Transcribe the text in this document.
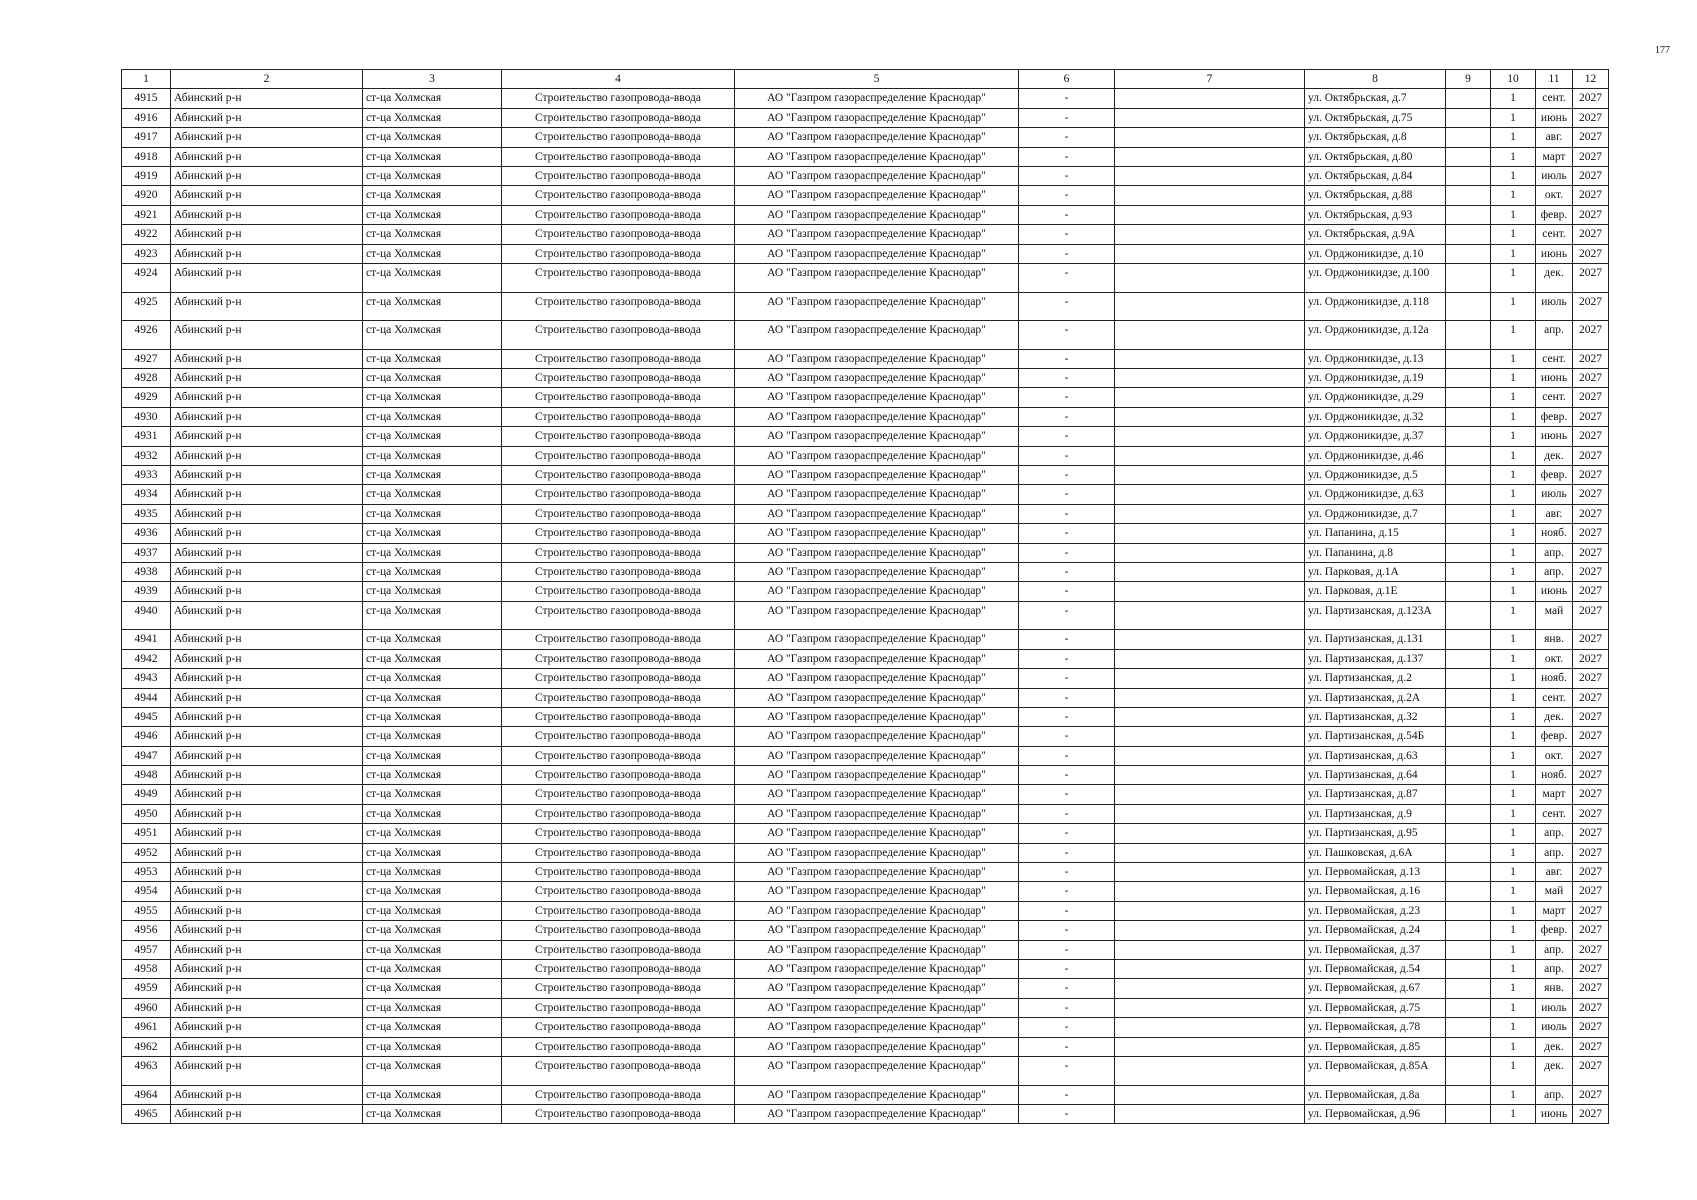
177
1	2	3	4	5	6	7	8	9	10	11	12
4915	Абинский р-н	ст-ца Холмская	Строительство газопровода-ввода	АО "Газпром газораспределение Краснодар"	-		ул. Октябрьская, д.7		1	сент.	2027
4916	Абинский р-н	ст-ца Холмская	Строительство газопровода-ввода	АО "Газпром газораспределение Краснодар"	-		ул. Октябрьская, д.75		1	июнь	2027
4917	Абинский р-н	ст-ца Холмская	Строительство газопровода-ввода	АО "Газпром газораспределение Краснодар"	-		ул. Октябрьская, д.8		1	авг.	2027
4918	Абинский р-н	ст-ца Холмская	Строительство газопровода-ввода	АО "Газпром газораспределение Краснодар"	-		ул. Октябрьская, д.80		1	март	2027
4919	Абинский р-н	ст-ца Холмская	Строительство газопровода-ввода	АО "Газпром газораспределение Краснодар"	-		ул. Октябрьская, д.84		1	июль	2027
4920	Абинский р-н	ст-ца Холмская	Строительство газопровода-ввода	АО "Газпром газораспределение Краснодар"	-		ул. Октябрьская, д.88		1	окт.	2027
4921	Абинский р-н	ст-ца Холмская	Строительство газопровода-ввода	АО "Газпром газораспределение Краснодар"	-		ул. Октябрьская, д.93		1	февр.	2027
4922	Абинский р-н	ст-ца Холмская	Строительство газопровода-ввода	АО "Газпром газораспределение Краснодар"	-		ул. Октябрьская, д.9А		1	сент.	2027
4923	Абинский р-н	ст-ца Холмская	Строительство газопровода-ввода	АО "Газпром газораспределение Краснодар"	-		ул. Орджоникидзе, д.10		1	июнь	2027
4924	Абинский р-н	ст-ца Холмская	Строительство газопровода-ввода	АО "Газпром газораспределение Краснодар"	-		ул. Орджоникидзе, д.100		1	дек.	2027
4925	Абинский р-н	ст-ца Холмская	Строительство газопровода-ввода	АО "Газпром газораспределение Краснодар"	-		ул. Орджоникидзе, д.118		1	июль	2027
4926	Абинский р-н	ст-ца Холмская	Строительство газопровода-ввода	АО "Газпром газораспределение Краснодар"	-		ул. Орджоникидзе, д.12а		1	апр.	2027
4927	Абинский р-н	ст-ца Холмская	Строительство газопровода-ввода	АО "Газпром газораспределение Краснодар"	-		ул. Орджоникидзе, д.13		1	сент.	2027
4928	Абинский р-н	ст-ца Холмская	Строительство газопровода-ввода	АО "Газпром газораспределение Краснодар"	-		ул. Орджоникидзе, д.19		1	июнь	2027
4929	Абинский р-н	ст-ца Холмская	Строительство газопровода-ввода	АО "Газпром газораспределение Краснодар"	-		ул. Орджоникидзе, д.29		1	сент.	2027
4930	Абинский р-н	ст-ца Холмская	Строительство газопровода-ввода	АО "Газпром газораспределение Краснодар"	-		ул. Орджоникидзе, д.32		1	февр.	2027
4931	Абинский р-н	ст-ца Холмская	Строительство газопровода-ввода	АО "Газпром газораспределение Краснодар"	-		ул. Орджоникидзе, д.37		1	июнь	2027
4932	Абинский р-н	ст-ца Холмская	Строительство газопровода-ввода	АО "Газпром газораспределение Краснодар"	-		ул. Орджоникидзе, д.46		1	дек.	2027
4933	Абинский р-н	ст-ца Холмская	Строительство газопровода-ввода	АО "Газпром газораспределение Краснодар"	-		ул. Орджоникидзе, д.5		1	февр.	2027
4934	Абинский р-н	ст-ца Холмская	Строительство газопровода-ввода	АО "Газпром газораспределение Краснодар"	-		ул. Орджоникидзе, д.63		1	июль	2027
4935	Абинский р-н	ст-ца Холмская	Строительство газопровода-ввода	АО "Газпром газораспределение Краснодар"	-		ул. Орджоникидзе, д.7		1	авг.	2027
4936	Абинский р-н	ст-ца Холмская	Строительство газопровода-ввода	АО "Газпром газораспределение Краснодар"	-		ул. Папанина, д.15		1	нояб.	2027
4937	Абинский р-н	ст-ца Холмская	Строительство газопровода-ввода	АО "Газпром газораспределение Краснодар"	-		ул. Папанина, д.8		1	апр.	2027
4938	Абинский р-н	ст-ца Холмская	Строительство газопровода-ввода	АО "Газпром газораспределение Краснодар"	-		ул. Парковая, д.1А		1	апр.	2027
4939	Абинский р-н	ст-ца Холмская	Строительство газопровода-ввода	АО "Газпром газораспределение Краснодар"	-		ул. Парковая, д.1Е		1	июнь	2027
4940	Абинский р-н	ст-ца Холмская	Строительство газопровода-ввода	АО "Газпром газораспределение Краснодар"	-		ул. Партизанская, д.123А		1	май	2027
4941	Абинский р-н	ст-ца Холмская	Строительство газопровода-ввода	АО "Газпром газораспределение Краснодар"	-		ул. Партизанская, д.131		1	янв.	2027
4942	Абинский р-н	ст-ца Холмская	Строительство газопровода-ввода	АО "Газпром газораспределение Краснодар"	-		ул. Партизанская, д.137		1	окт.	2027
4943	Абинский р-н	ст-ца Холмская	Строительство газопровода-ввода	АО "Газпром газораспределение Краснодар"	-		ул. Партизанская, д.2		1	нояб.	2027
4944	Абинский р-н	ст-ца Холмская	Строительство газопровода-ввода	АО "Газпром газораспределение Краснодар"	-		ул. Партизанская, д.2А		1	сент.	2027
4945	Абинский р-н	ст-ца Холмская	Строительство газопровода-ввода	АО "Газпром газораспределение Краснодар"	-		ул. Партизанская, д.32		1	дек.	2027
4946	Абинский р-н	ст-ца Холмская	Строительство газопровода-ввода	АО "Газпром газораспределение Краснодар"	-		ул. Партизанская, д.54Б		1	февр.	2027
4947	Абинский р-н	ст-ца Холмская	Строительство газопровода-ввода	АО "Газпром газораспределение Краснодар"	-		ул. Партизанская, д.63		1	окт.	2027
4948	Абинский р-н	ст-ца Холмская	Строительство газопровода-ввода	АО "Газпром газораспределение Краснодар"	-		ул. Партизанская, д.64		1	нояб.	2027
4949	Абинский р-н	ст-ца Холмская	Строительство газопровода-ввода	АО "Газпром газораспределение Краснодар"	-		ул. Партизанская, д.87		1	март	2027
4950	Абинский р-н	ст-ца Холмская	Строительство газопровода-ввода	АО "Газпром газораспределение Краснодар"	-		ул. Партизанская, д.9		1	сент.	2027
4951	Абинский р-н	ст-ца Холмская	Строительство газопровода-ввода	АО "Газпром газораспределение Краснодар"	-		ул. Партизанская, д.95		1	апр.	2027
4952	Абинский р-н	ст-ца Холмская	Строительство газопровода-ввода	АО "Газпром газораспределение Краснодар"	-		ул. Пашковская, д.6А		1	апр.	2027
4953	Абинский р-н	ст-ца Холмская	Строительство газопровода-ввода	АО "Газпром газораспределение Краснодар"	-		ул. Первомайская, д.13		1	авг.	2027
4954	Абинский р-н	ст-ца Холмская	Строительство газопровода-ввода	АО "Газпром газораспределение Краснодар"	-		ул. Первомайская, д.16		1	май	2027
4955	Абинский р-н	ст-ца Холмская	Строительство газопровода-ввода	АО "Газпром газораспределение Краснодар"	-		ул. Первомайская, д.23		1	март	2027
4956	Абинский р-н	ст-ца Холмская	Строительство газопровода-ввода	АО "Газпром газораспределение Краснодар"	-		ул. Первомайская, д.24		1	февр.	2027
4957	Абинский р-н	ст-ца Холмская	Строительство газопровода-ввода	АО "Газпром газораспределение Краснодар"	-		ул. Первомайская, д.37		1	апр.	2027
4958	Абинский р-н	ст-ца Холмская	Строительство газопровода-ввода	АО "Газпром газораспределение Краснодар"	-		ул. Первомайская, д.54		1	апр.	2027
4959	Абинский р-н	ст-ца Холмская	Строительство газопровода-ввода	АО "Газпром газораспределение Краснодар"	-		ул. Первомайская, д.67		1	янв.	2027
4960	Абинский р-н	ст-ца Холмская	Строительство газопровода-ввода	АО "Газпром газораспределение Краснодар"	-		ул. Первомайская, д.75		1	июль	2027
4961	Абинский р-н	ст-ца Холмская	Строительство газопровода-ввода	АО "Газпром газораспределение Краснодар"	-		ул. Первомайская, д.78		1	июль	2027
4962	Абинский р-н	ст-ца Холмская	Строительство газопровода-ввода	АО "Газпром газораспределение Краснодар"	-		ул. Первомайская, д.85		1	дек.	2027
4963	Абинский р-н	ст-ца Холмская	Строительство газопровода-ввода	АО "Газпром газораспределение Краснодар"	-		ул. Первомайская, д.85А		1	дек.	2027
4964	Абинский р-н	ст-ца Холмская	Строительство газопровода-ввода	АО "Газпром газораспределение Краснодар"	-		ул. Первомайская, д.8а		1	апр.	2027
4965	Абинский р-н	ст-ца Холмская	Строительство газопровода-ввода	АО "Газпром газораспределение Краснодар"	-		ул. Первомайская, д.96		1	июнь	2027
